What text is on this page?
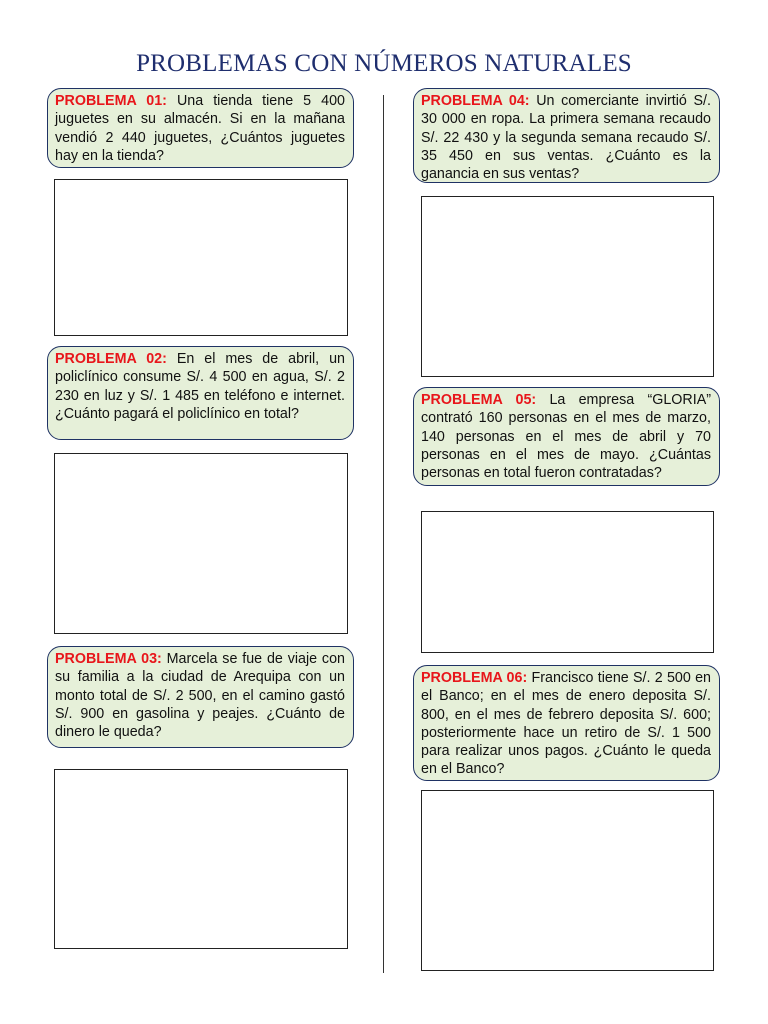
PROBLEMAS CON NÚMEROS NATURALES
PROBLEMA 01: Una tienda tiene 5 400 juguetes en su almacén. Si en la mañana vendió 2 440 juguetes, ¿Cuántos juguetes hay en la tienda?
PROBLEMA 02: En el mes de abril, un policlínico consume S/. 4 500 en agua, S/. 2 230 en luz y S/. 1 485 en teléfono e internet. ¿Cuánto pagará el policlínico en total?
PROBLEMA 03: Marcela se fue de viaje con su familia a la ciudad de Arequipa con un monto total de S/. 2 500, en el camino gastó S/. 900 en gasolina y peajes. ¿Cuánto de dinero le queda?
PROBLEMA 04: Un comerciante invirtió S/. 30 000 en ropa. La primera semana recaudo S/. 22 430 y la segunda semana recaudo S/. 35 450 en sus ventas. ¿Cuánto es la ganancia en sus ventas?
PROBLEMA 05: La empresa “GLORIA” contrató 160 personas en el mes de marzo, 140 personas en el mes de abril y 70 personas en el mes de mayo. ¿Cuántas personas en total fueron contratadas?
PROBLEMA 06: Francisco tiene S/. 2 500 en el Banco; en el mes de enero deposita S/. 800, en el mes de febrero deposita S/. 600; posteriormente hace un retiro de S/. 1 500 para realizar unos pagos. ¿Cuánto le queda en el Banco?
